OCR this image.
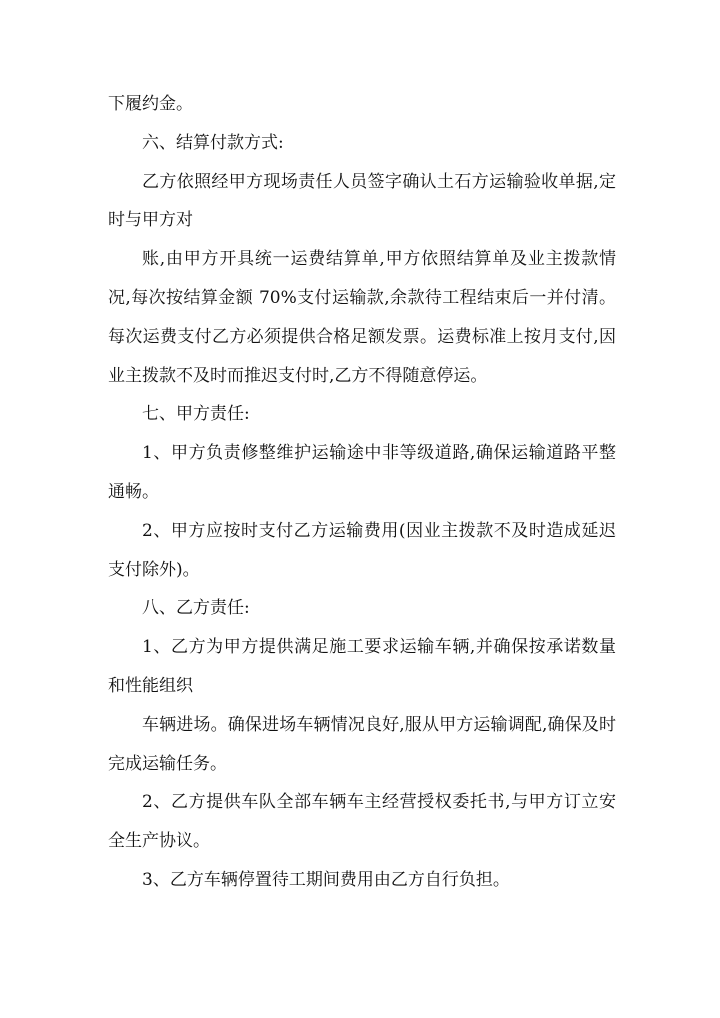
下履约金。

六、结算付款方式:

乙方依照经甲方现场责任人员签字确认土石方运输验收单据,定时与甲方对

账,由甲方开具统一运费结算单,甲方依照结算单及业主拨款情况,每次按结算金额 70%支付运输款,余款待工程结束后一并付清。每次运费支付乙方必须提供合格足额发票。运费标准上按月支付,因业主拨款不及时而推迟支付时,乙方不得随意停运。

七、甲方责任:

1、甲方负责修整维护运输途中非等级道路,确保运输道路平整通畅。

2、甲方应按时支付乙方运输费用(因业主拨款不及时造成延迟支付除外)。

八、乙方责任:

1、乙方为甲方提供满足施工要求运输车辆,并确保按承诺数量和性能组织

车辆进场。确保进场车辆情况良好,服从甲方运输调配,确保及时完成运输任务。

2、乙方提供车队全部车辆车主经营授权委托书,与甲方订立安全生产协议。

3、乙方车辆停置待工期间费用由乙方自行负担。
